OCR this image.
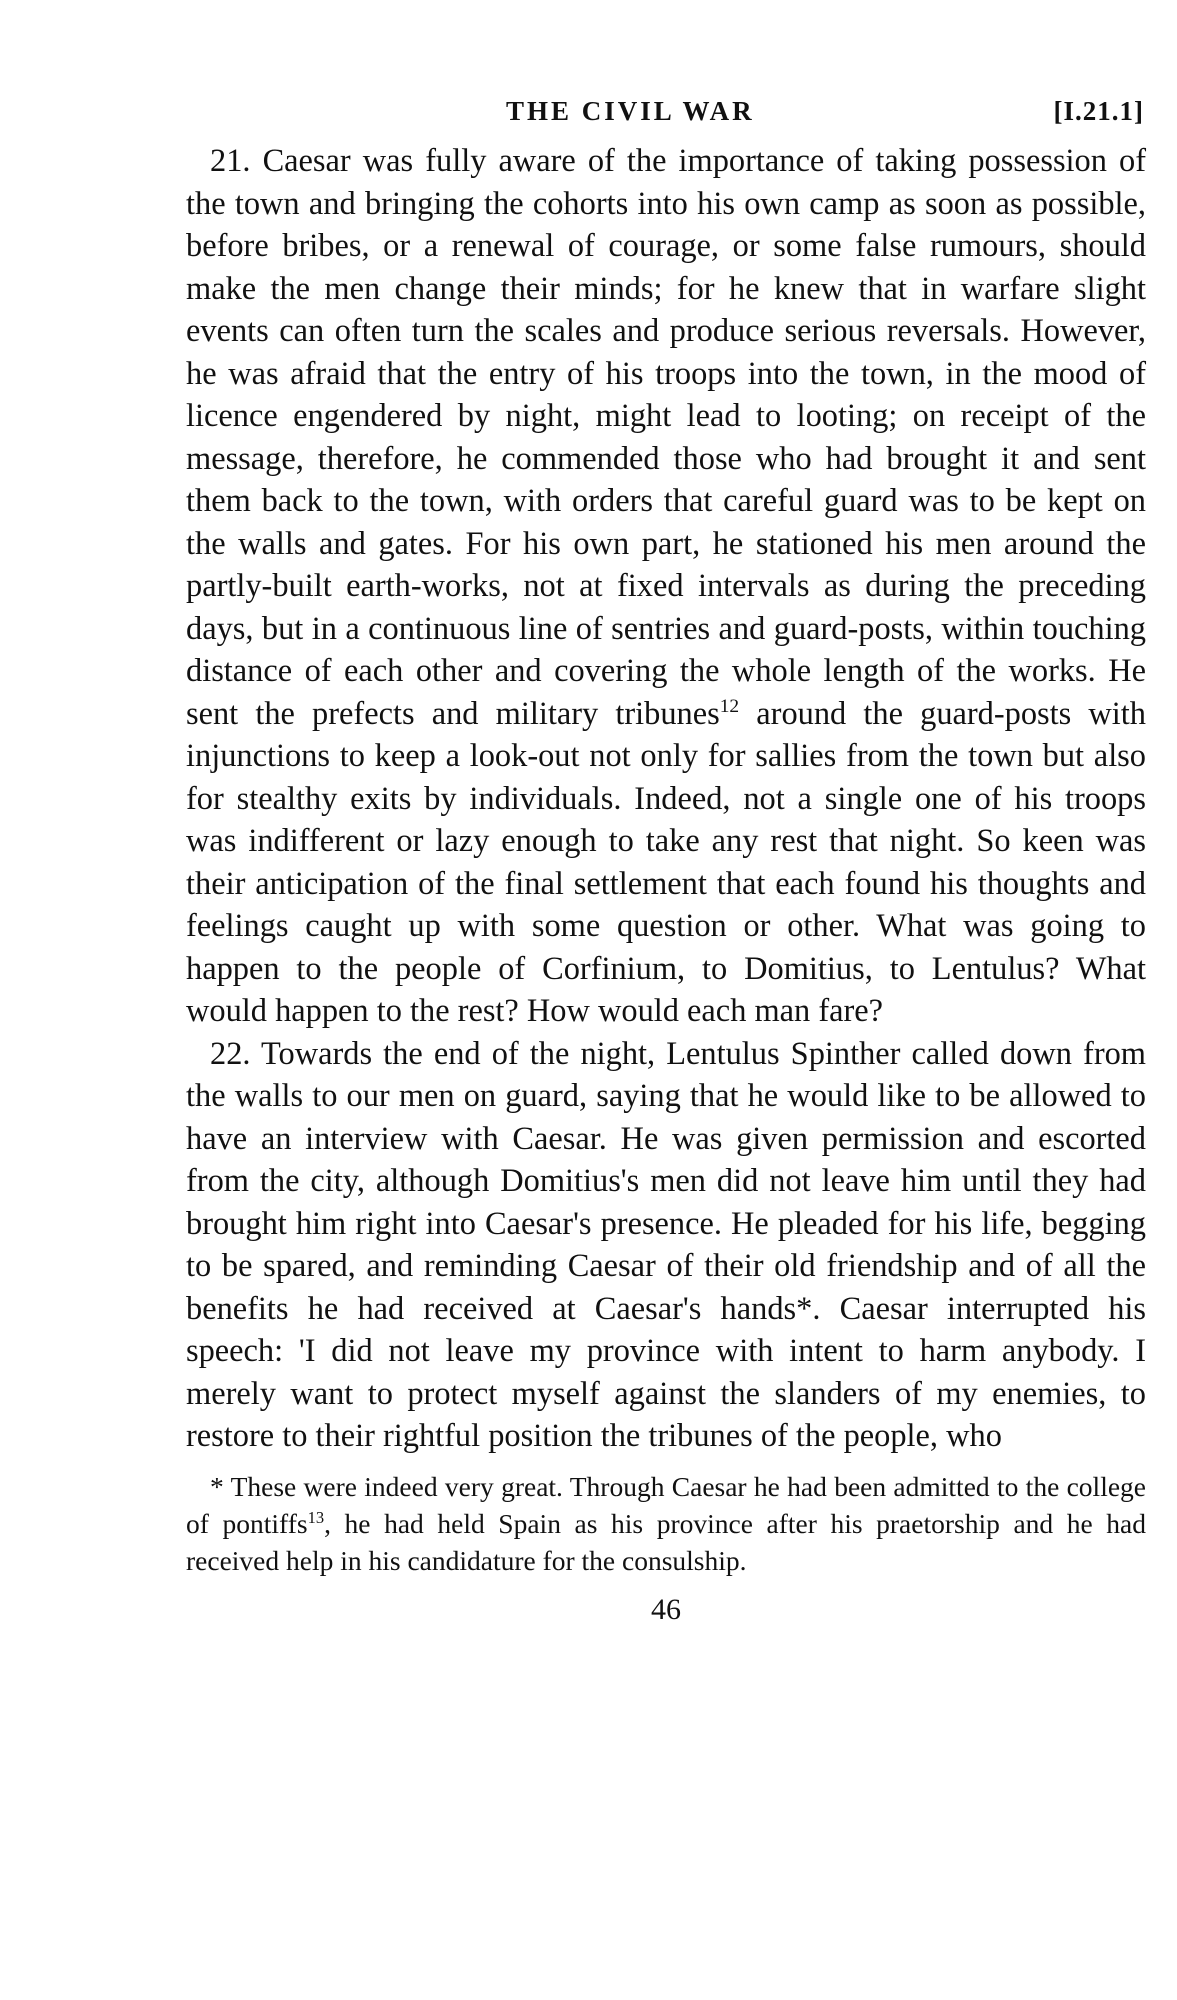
THE CIVIL WAR	[I.21.1]

21. Caesar was fully aware of the importance of taking possession of the town and bringing the cohorts into his own camp as soon as possible, before bribes, or a renewal of courage, or some false rumours, should make the men change their minds; for he knew that in warfare slight events can often turn the scales and produce serious reversals. However, he was afraid that the entry of his troops into the town, in the mood of licence engendered by night, might lead to looting; on receipt of the message, therefore, he commended those who had brought it and sent them back to the town, with orders that careful guard was to be kept on the walls and gates. For his own part, he stationed his men around the partly-built earth-works, not at fixed intervals as during the preceding days, but in a continuous line of sentries and guard-posts, within touching distance of each other and covering the whole length of the works. He sent the prefects and military tribunes$^{12}$ around the guard-posts with injunctions to keep a look-out not only for sallies from the town but also for stealthy exits by individuals. Indeed, not a single one of his troops was indifferent or lazy enough to take any rest that night. So keen was their anticipation of the final settlement that each found his thoughts and feelings caught up with some question or other. What was going to happen to the people of Corfinium, to Domitius, to Lentulus? What would happen to the rest? How would each man fare?

22. Towards the end of the night, Lentulus Spinther called down from the walls to our men on guard, saying that he would like to be allowed to have an interview with Caesar. He was given permission and escorted from the city, although Domitius's men did not leave him until they had brought him right into Caesar's presence. He pleaded for his life, begging to be spared, and reminding Caesar of their old friendship and of all the benefits he had received at Caesar's hands*. Caesar interrupted his speech: 'I did not leave my province with intent to harm anybody. I merely want to protect myself against the slanders of my enemies, to restore to their rightful position the tribunes of the people, who

* These were indeed very great. Through Caesar he had been admitted to the college of pontiffs$^{13}$, he had held Spain as his province after his praetorship and he had received help in his candidature for the consulship.
46
